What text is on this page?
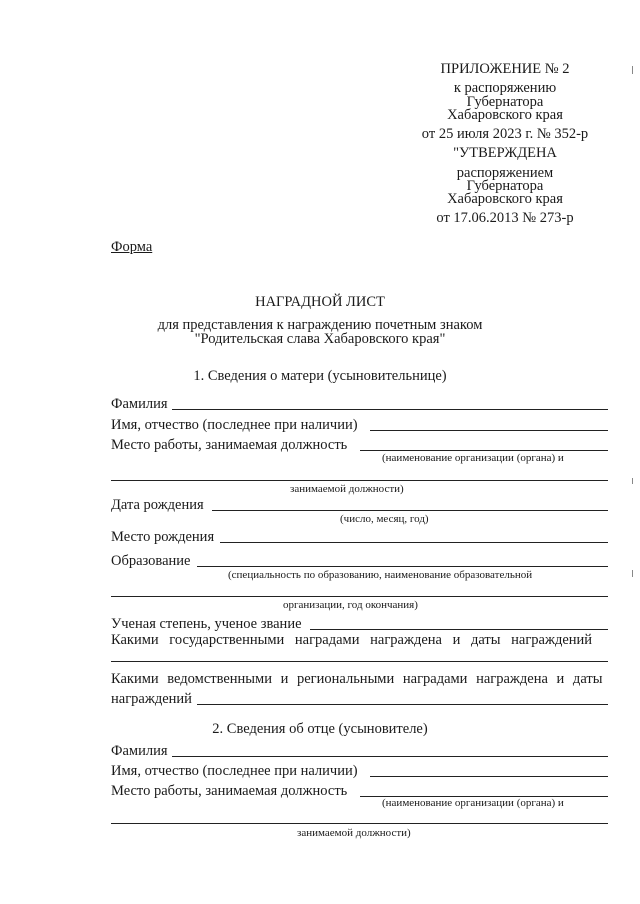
ПРИЛОЖЕНИЕ № 2
к распоряжению
Губернатора
Хабаровского края
от 25 июля 2023 г. № 352-р
"УТВЕРЖДЕНА
распоряжением
Губернатора
Хабаровского края
от 17.06.2013 № 273-р
Форма
НАГРАДНОЙ ЛИСТ
для представления к награждению почетным знаком
"Родительская слава Хабаровского края"
1. Сведения о матери (усыновительнице)
Фамилия
Имя, отчество (последнее при наличии)
Место работы, занимаемая должность
(наименование организации (органа) и
занимаемой должности)
Дата рождения
(число, месяц, год)
Место рождения
Образование
(специальность по образованию, наименование образовательной
организации, год окончания)
Ученая степень, ученое звание
Какими государственными наградами награждена и даты награждений
Какими ведомственными и региональными наградами награждена и даты
награждений
2. Сведения об отце (усыновителе)
Фамилия
Имя, отчество (последнее при наличии)
Место работы, занимаемая должность
(наименование организации (органа) и
занимаемой должности)
